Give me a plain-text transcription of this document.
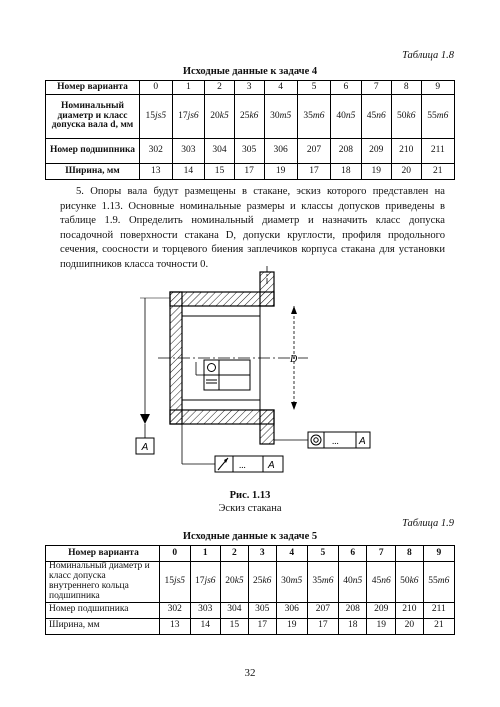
Таблица 1.8
Исходные данные к задаче 4
Номер варианта	0	1	2	3	4	5	6	7	8	9
Номинальный диаметр и класс допуска вала d, мм	15js5	17js6	20k5	25k6	30m5	35m6	40n5	45n6	50k6	55m6
Номер подшипника	302	303	304	305	306	207	208	209	210	211
Ширина, мм	13	14	15	17	19	17	18	19	20	21

5. Опоры вала будут размещены в стакане, эскиз которого представлен на рисунке 1.13. Основные номинальные размеры и классы допусков приведены в таблице 1.9. Определить номинальный диаметр и назначить класс допуска посадочной поверхности стакана D, допуски круглости, профиля продольного сечения, соосности и торцевого биения заплечиков корпуса стакана для установки подшипников класса точности 0.

A
D
... A
... A
Рис. 1.13
Эскиз стакана
Таблица 1.9
Исходные данные к задаче 5
Номер варианта	0	1	2	3	4	5	6	7	8	9
Номинальный диаметр и класс допуска внутреннего кольца подшипника	15js5	17js6	20k5	25k6	30m5	35m6	40n5	45n6	50k6	55m6
Номер подшипника	302	303	304	305	306	207	208	209	210	211
Ширина, мм	13	14	15	17	19	17	18	19	20	21
32
